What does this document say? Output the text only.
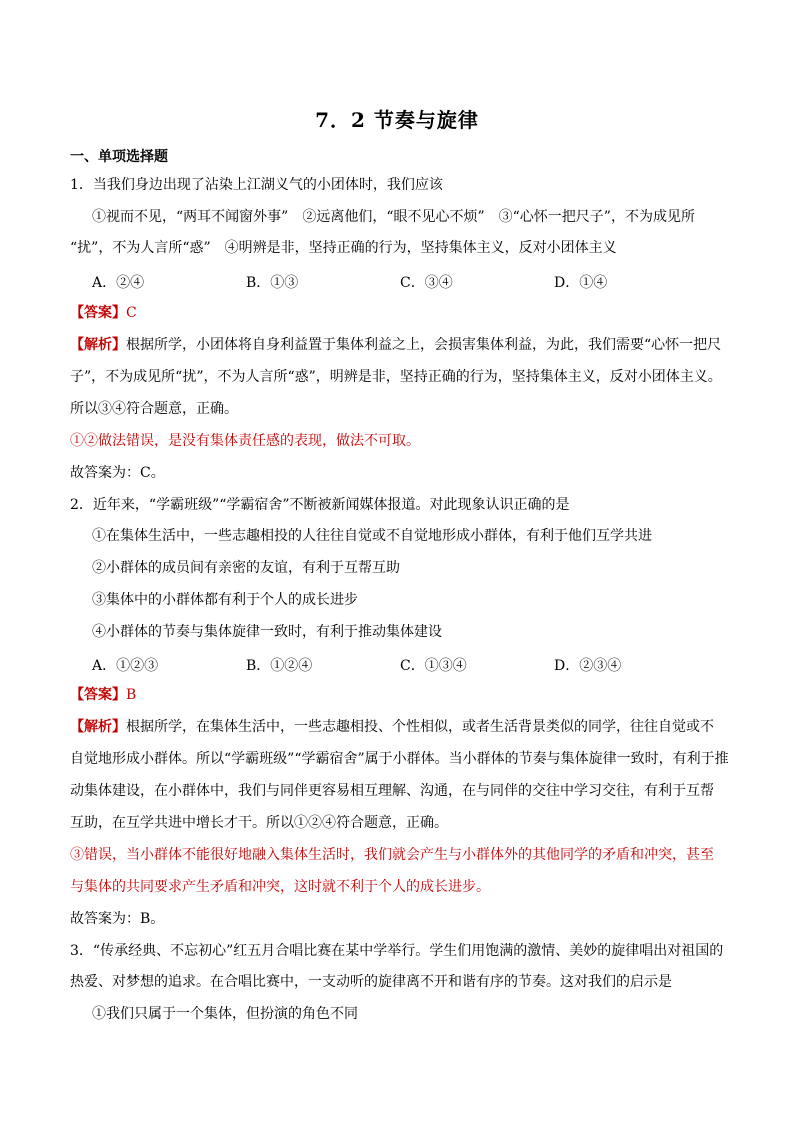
7．2 节奏与旋律
一、单项选择题
1．当我们身边出现了沾染上江湖义气的小团体时，我们应该
①视而不见，“两耳不闻窗外事”　②远离他们，“眼不见心不烦”　③“心怀一把尺子”，不为成见所
“扰”，不为人言所“惑”　④明辨是非，坚持正确的行为，坚持集体主义，反对小团体主义
A．②④	B．①③	C．③④	D．①④
【答案】C
【解析】根据所学，小团体将自身利益置于集体利益之上，会损害集体利益，为此，我们需要“心怀一把尺
子”，不为成见所“扰”，不为人言所“惑”，明辨是非，坚持正确的行为，坚持集体主义，反对小团体主义。
所以③④符合题意，正确。
①②做法错误，是没有集体责任感的表现，做法不可取。
故答案为：C。
2．近年来，“学霸班级”“学霸宿舍”不断被新闻媒体报道。对此现象认识正确的是
①在集体生活中，一些志趣相投的人往往自觉或不自觉地形成小群体，有利于他们互学共进
②小群体的成员间有亲密的友谊，有利于互帮互助
③集体中的小群体都有利于个人的成长进步
④小群体的节奏与集体旋律一致时，有利于推动集体建设
A．①②③	B．①②④	C．①③④	D．②③④
【答案】B
【解析】根据所学，在集体生活中，一些志趣相投、个性相似，或者生活背景类似的同学，往往自觉或不
自觉地形成小群体。所以“学霸班级”“学霸宿舍”属于小群体。当小群体的节奏与集体旋律一致时，有利于推
动集体建设，在小群体中，我们与同伴更容易相互理解、沟通，在与同伴的交往中学习交往，有利于互帮
互助，在互学共进中增长才干。所以①②④符合题意，正确。
③错误，当小群体不能很好地融入集体生活时，我们就会产生与小群体外的其他同学的矛盾和冲突，甚至
与集体的共同要求产生矛盾和冲突，这时就不利于个人的成长进步。
故答案为：B。
3．“传承经典、不忘初心”红五月合唱比赛在某中学举行。学生们用饱满的激情、美妙的旋律唱出对祖国的
热爱、对梦想的追求。在合唱比赛中，一支动听的旋律离不开和谐有序的节奏。这对我们的启示是
①我们只属于一个集体，但扮演的角色不同
